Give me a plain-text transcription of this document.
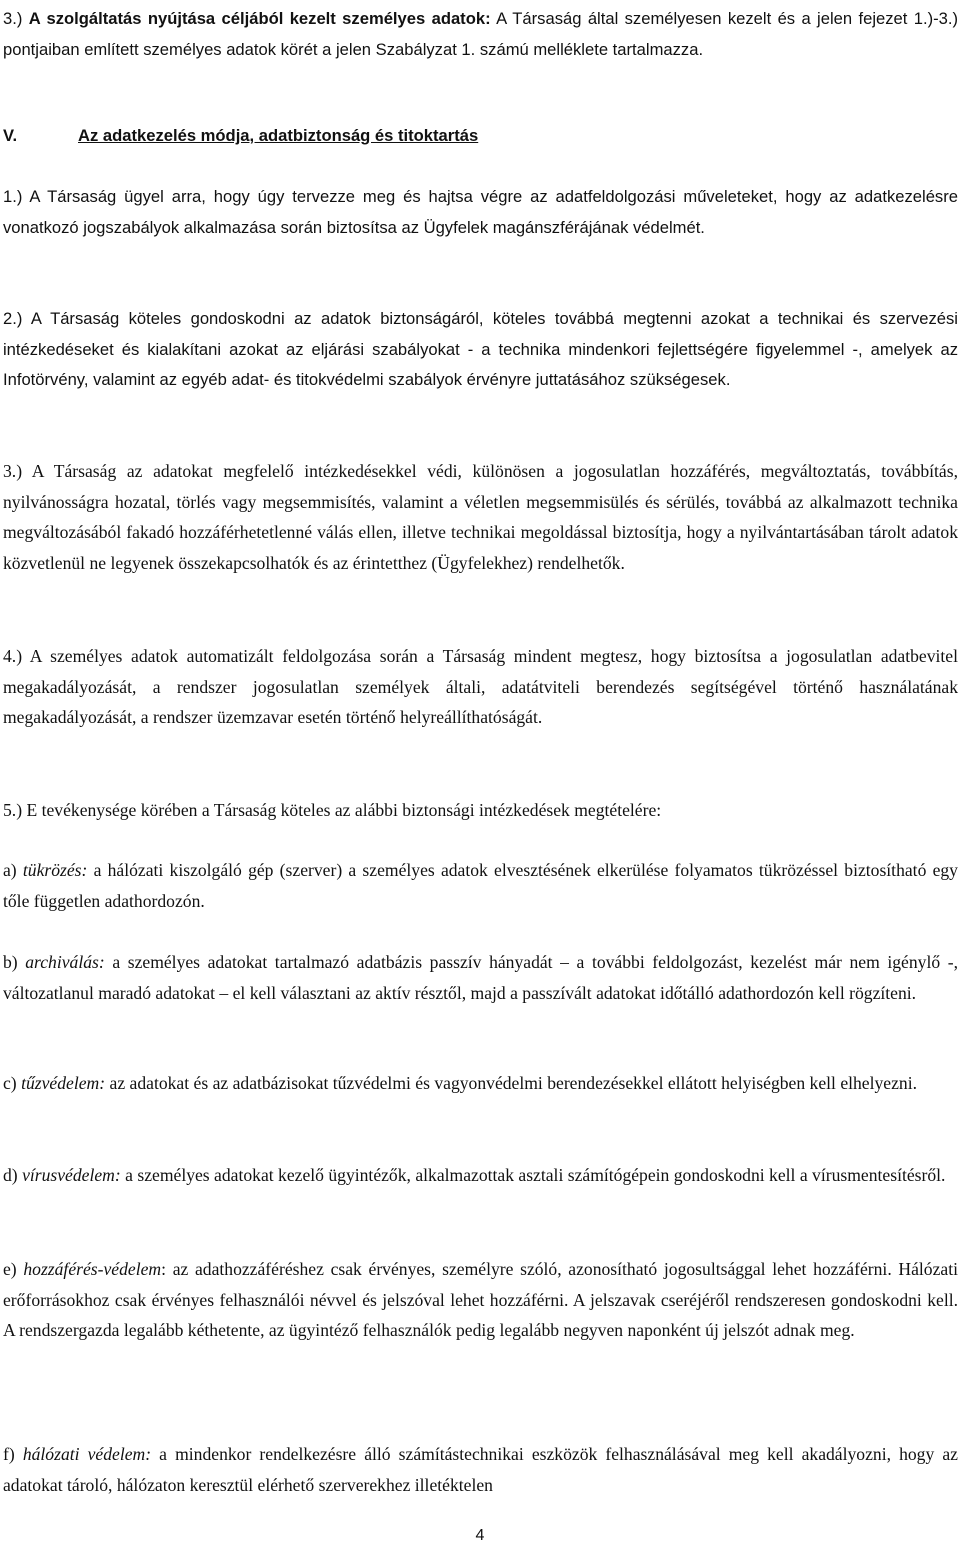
3.) A szolgáltatás nyújtása céljából kezelt személyes adatok: A Társaság által személyesen kezelt és a jelen fejezet 1.)-3.) pontjaiban említett személyes adatok körét a jelen Szabályzat 1. számú melléklete tartalmazza.

V.	Az adatkezelés módja, adatbiztonság és titoktartás

1.) A Társaság ügyel arra, hogy úgy tervezze meg és hajtsa végre az adatfeldolgozási műveleteket, hogy az adatkezelésre vonatkozó jogszabályok alkalmazása során biztosítsa az Ügyfelek magánszférájának védelmét.

2.) A Társaság köteles gondoskodni az adatok biztonságáról, köteles továbbá megtenni azokat a technikai és szervezési intézkedéseket és kialakítani azokat az eljárási szabályokat - a technika mindenkori fejlettségére figyelemmel -, amelyek az Infotörvény, valamint az egyéb adat- és titokvédelmi szabályok érvényre juttatásához szükségesek.

3.) A Társaság az adatokat megfelelő intézkedésekkel védi, különösen a jogosulatlan hozzáférés, megváltoztatás, továbbítás, nyilvánosságra hozatal, törlés vagy megsemmisítés, valamint a véletlen megsemmisülés és sérülés, továbbá az alkalmazott technika megváltozásából fakadó hozzáférhetetlenné válás ellen, illetve technikai megoldással biztosítja, hogy a nyilvántartásában tárolt adatok közvetlenül ne legyenek összekapcsolhatók és az érintetthez (Ügyfelekhez) rendelhetők.

4.) A személyes adatok automatizált feldolgozása során a Társaság mindent megtesz, hogy biztosítsa a jogosulatlan adatbevitel megakadályozását, a rendszer jogosulatlan személyek általi, adatátviteli berendezés segítségével történő használatának megakadályozását, a rendszer üzemzavar esetén történő helyreállíthatóságát.

5.) E tevékenysége körében a Társaság köteles az alábbi biztonsági intézkedések megtételére:

a) tükrözés: a hálózati kiszolgáló gép (szerver) a személyes adatok elvesztésének elkerülése folyamatos tükrözéssel biztosítható egy tőle független adathordozón.

b) archiválás: a személyes adatokat tartalmazó adatbázis passzív hányadát – a további feldolgozást, kezelést már nem igénylő -, változatlanul maradó adatokat – el kell választani az aktív résztől, majd a passzívált adatokat időtálló adathordozón kell rögzíteni.

c) tűzvédelem: az adatokat és az adatbázisokat tűzvédelmi és vagyonvédelmi berendezésekkel ellátott helyiségben kell elhelyezni.

d) vírusvédelem: a személyes adatokat kezelő ügyintézők, alkalmazottak asztali számítógépein gondoskodni kell a vírusmentesítésről.

e) hozzáférés-védelem: az adathozzáféréshez csak érvényes, személyre szóló, azonosítható jogosultsággal lehet hozzáférni. Hálózati erőforrásokhoz csak érvényes felhasználói névvel és jelszóval lehet hozzáférni. A jelszavak cseréjéről rendszeresen gondoskodni kell. A rendszergazda legalább kéthetente, az ügyintéző felhasználók pedig legalább negyven naponként új jelszót adnak meg.

f) hálózati védelem: a mindenkor rendelkezésre álló számítástechnikai eszközök felhasználásával meg kell akadályozni, hogy az adatokat tároló, hálózaton keresztül elérhető szerverekhez illetéktelen

4
